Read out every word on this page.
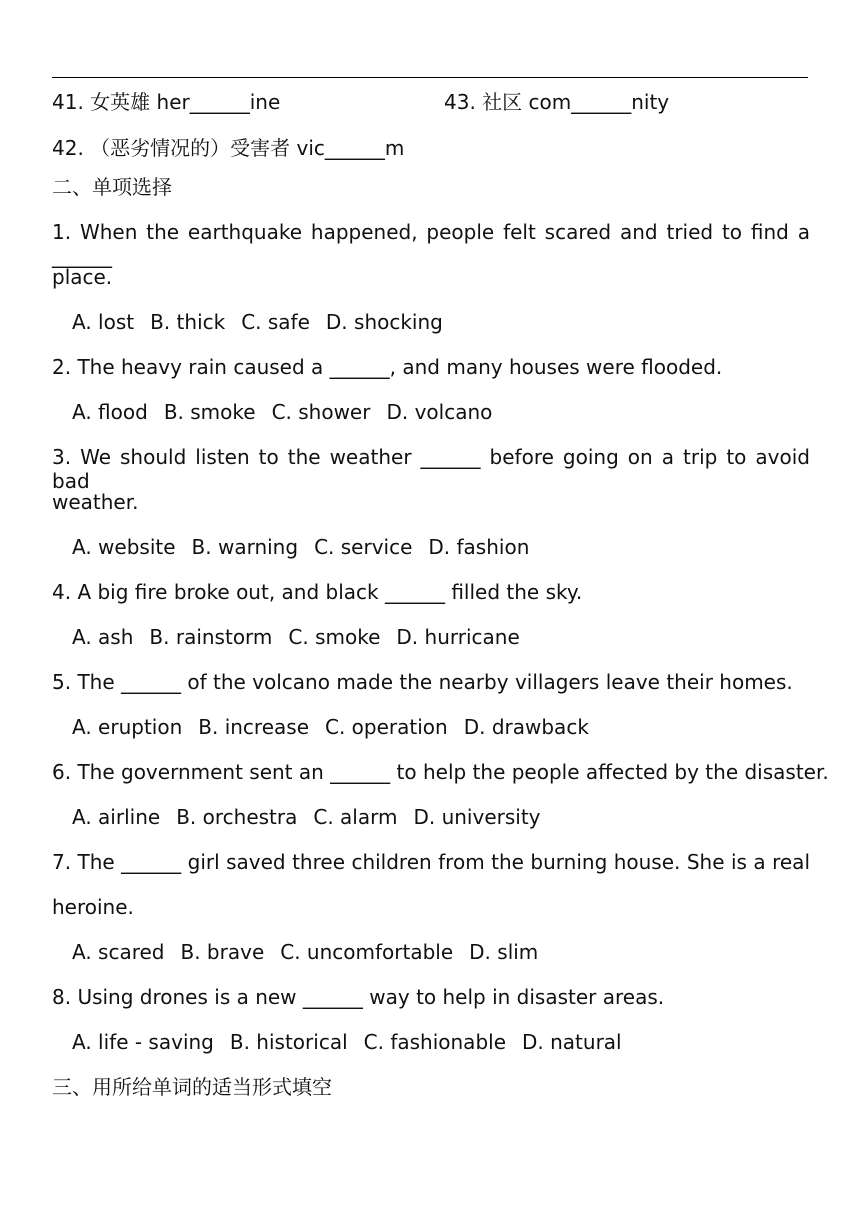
41. 女英雄 her______ine	43. 社区 com______nity
42. （恶劣情况的）受害者 vic______m
二、单项选择
1. When the earthquake happened, people felt scared and tried to find a ______
place.
A. lost B. thick C. safe D. shocking
2. The heavy rain caused a ______, and many houses were flooded.
A. flood B. smoke C. shower D. volcano
3. We should listen to the weather ______ before going on a trip to avoid bad
weather.
A. website B. warning C. service D. fashion
4. A big fire broke out, and black ______ filled the sky.
A. ash B. rainstorm C. smoke D. hurricane
5. The ______ of the volcano made the nearby villagers leave their homes.
A. eruption B. increase C. operation D. drawback
6. The government sent an ______ to help the people affected by the disaster.
A. airline B. orchestra C. alarm D. university
7. The ______ girl saved three children from the burning house. She is a real
heroine.
A. scared B. brave C. uncomfortable D. slim
8. Using drones is a new ______ way to help in disaster areas.
A. life - saving B. historical C. fashionable D. natural
三、用所给单词的适当形式填空
